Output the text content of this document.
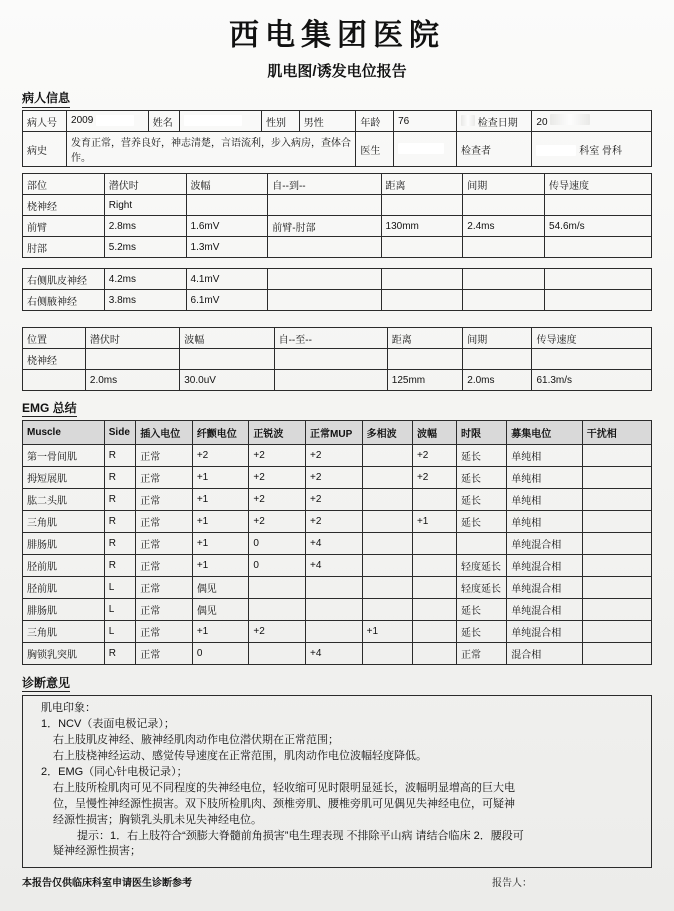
西电集团医院
肌电图/诱发电位报告
病人信息
病人号	2009	姓名		性别	男性	年龄	76	检查日期	20
病史	发育正常，营养良好，神志清楚，言语流利，步入病房，查体合作。					医生		检查者	科室 骨科
部位	潜伏时	波幅	自--到--	距离	间期	传导速度
桡神经	Right					
前臂	2.8ms	1.6mV	前臂-肘部	130mm	2.4ms	54.6m/s
肘部	5.2ms	1.3mV				

右侧肌皮神经	4.2ms	4.1mV				
右侧腋神经	3.8ms	6.1mV				
位置	潜伏时	波幅	自--至--	距离	间期	传导速度
桡神经						
	2.0ms	30.0uV		125mm	2.0ms	61.3m/s
EMG 总结
Muscle	Side	插入电位	纤颤电位	正锐波	正常MUP	多相波	波幅	时限	募集电位	干扰相
第一骨间肌	R	正常	+2	+2	+2		+2	延长	单纯相	
拇短展肌	R	正常	+1	+2	+2		+2	延长	单纯相	
肱二头肌	R	正常	+1	+2	+2			延长	单纯相	
三角肌	R	正常	+1	+2	+2		+1	延长	单纯相	
腓肠肌	R	正常	+1	0	+4				单纯混合相	
胫前肌	R	正常	+1	0	+4			轻度延长	单纯混合相	
胫前肌	L	正常	偶见					轻度延长	单纯混合相	
腓肠肌	L	正常	偶见					延长	单纯混合相	
三角肌	L	正常	+1	+2		+1		延长	单纯混合相	
胸锁乳突肌	R	正常	0		+4			正常	混合相	
诊断意见

肌电印象：

1．NCV（表面电极记录）；

右上肢肌皮神经、腋神经肌肉动作电位潜伏期在正常范围；

右上肢桡神经运动、感觉传导速度在正常范围，肌肉动作电位波幅轻度降低。

2．EMG（同心针电极记录）；

右上肢所检肌肉可见不同程度的失神经电位，轻收缩可见时限明显延长，波幅明显增高的巨大电

位，呈慢性神经源性损害。双下肢所检肌肉、颈椎旁肌、腰椎旁肌可见偶见失神经电位，可疑神

经源性损害；胸锁乳头肌未见失神经电位。

提示：1．右上肢符合“颈膨大脊髓前角损害”电生理表现 不排除平山病 请结合临床 2．腰段可

疑神经源性损害；

本报告仅供临床科室申请医生诊断参考	报告人：
